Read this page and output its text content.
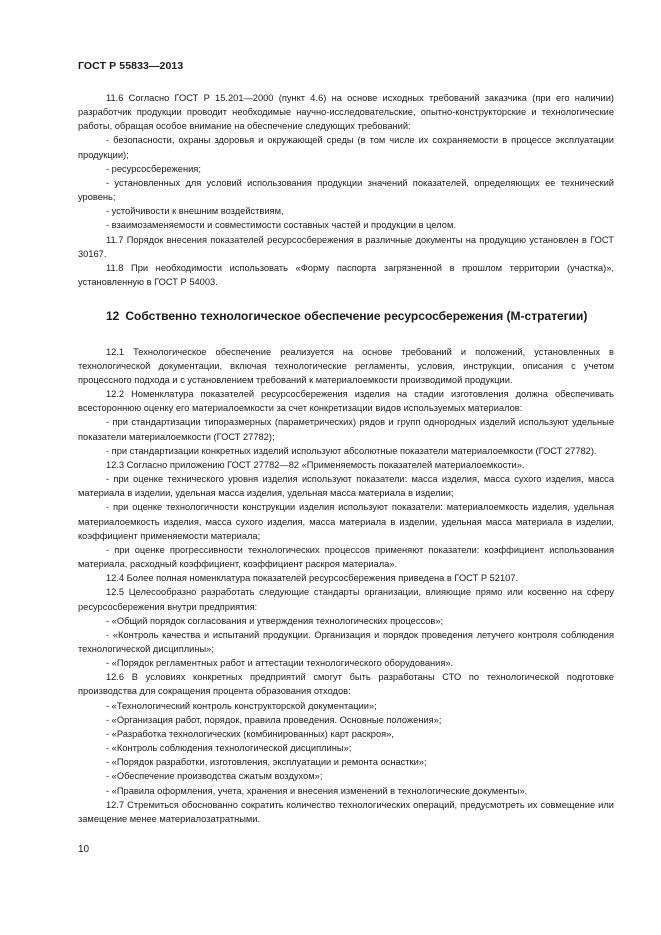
ГОСТ Р 55833—2013

11.6 Согласно ГОСТ Р 15.201—2000 (пункт 4.6) на основе исходных требований заказчика (при его наличии) разработчик продукции проводит необходимые научно-исследовательские, опытно-конструкторские и технологические работы, обращая особое внимание на обеспечение следующих требований:

- безопасности, охраны здоровья и окружающей среды (в том числе их сохраняемости в процессе эксплуатации продукции);

- ресурсосбережения;

- установленных для условий использования продукции значений показателей, определяющих ее технический уровень;

- устойчивости к внешним воздействиям,

- взаимозаменяемости и совместимости составных частей и продукции в целом.

11.7 Порядок внесения показателей ресурсосбережения в различные документы на продукцию установлен в ГОСТ 30167.

11.8 При необходимости использовать «Форму паспорта загрязненной в прошлом территории (участка)», установленную в ГОСТ Р 54003.

12 Собственно технологическое обеспечение ресурсосбережения (М-стратегии)

12.1 Технологическое обеспечение реализуется на основе требований и положений, установленных в технологической документации, включая технологические регламенты, условия, инструкции, описания с учетом процессного подхода и с установлением требований к материалоемкости производимой продукции.

12.2 Номенклатура показателей ресурсосбережения изделия на стадии изготовления должна обеспечивать всестороннюю оценку его материалоемкости за счет конкретизации видов используемых материалов:

- при стандартизации типоразмерных (параметрических) рядов и групп однородных изделий используют удельные показатели материалоемкости (ГОСТ 27782);

- при стандартизации конкретных изделий используют абсолютные показатели материалоемкости (ГОСТ 27782).

12.3 Согласно приложению ГОСТ 27782—82 «Применяемость показателей материалоемкости».

- при оценке технического уровня изделия используют показатели: масса изделия, масса сухого изделия, масса материала в изделии, удельная масса изделия, удельная масса материала в изделии;

- при оценке технологичности конструкции изделия используют показатели: материалоемкость изделия, удельная материалоемкость изделия, масса сухого изделия, масса материала в изделии, удельная масса материала в изделии, коэффициент применяемости материала;

- при оценке прогрессивности технологических процессов применяют показатели: коэффициент использования материала, расходный коэффициент, коэффициент раскроя материала».

12.4 Более полная номенклатура показателей ресурсосбережения приведена в ГОСТ Р 52107.

12.5 Целесообразно разработать следующие стандарты организации, влияющие прямо или косвенно на сферу ресурсосбережения внутри предприятия:

- «Общий порядок согласования и утверждения технологических процессов»;

- «Контроль качества и испытаний продукции. Организация и порядок проведения летучего контроля соблюдения технологической дисциплины»;

- «Порядок регламентных работ и аттестации технологического оборудования».

12.6 В условиях конкретных предприятий смогут быть разработаны СТО по технологической подготовке производства для сокращения процента образования отходов:

- «Технологический контроль конструкторской документации»;

- «Организация работ, порядок, правила проведения. Основные положения»;

- «Разработка технологических (комбинированных) карт раскроя»,

- «Контроль соблюдения технологической дисциплины»;

- «Порядок разработки, изготовления, эксплуатации и ремонта оснастки»;

- «Обеспечение производства сжатым воздухом»;

- «Правила оформления, учета, хранения и внесения изменений в технологические документы».

12.7 Стремиться обоснованно сократить количество технологических операций, предусмотреть их совмещение или замещение менее материалозатратными.

10
